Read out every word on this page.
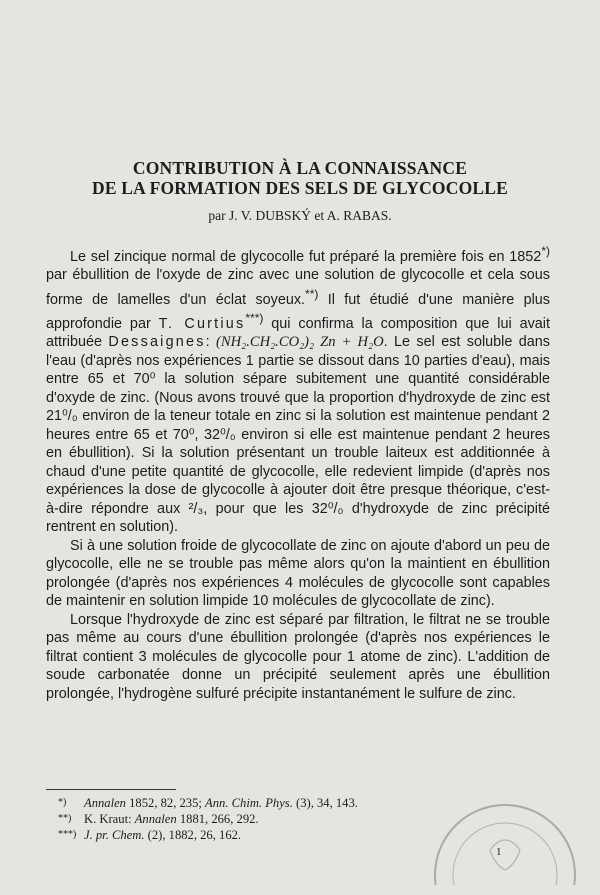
CONTRIBUTION À LA CONNAISSANCE
DE LA FORMATION DES SELS DE GLYCOCOLLE
par J. V. DUBSKÝ et A. RABAS.

Le sel zincique normal de glycocolle fut préparé la première fois en 1852*) par ébullition de l'oxyde de zinc avec une solution de glycocolle et cela sous forme de lamelles d'un éclat soyeux.**) Il fut étudié d'une manière plus approfondie par T. Curtius***) qui confirma la composition que lui avait attribuée Dessaignes: (NH₂.CH₂.CO₂)₂ Zn + H₂O. Le sel est soluble dans l'eau (d'après nos expériences 1 partie se dissout dans 10 parties d'eau), mais entre 65 et 70⁰ la solution sépare subitement une quantité considérable d'oxyde de zinc. (Nous avons trouvé que la proportion d'hydroxyde de zinc est 21⁰/₀ environ de la teneur totale en zinc si la solution est maintenue pendant 2 heures entre 65 et 70⁰, 32⁰/₀ environ si elle est maintenue pendant 2 heures en ébullition). Si la solution présentant un trouble laiteux est additionnée à chaud d'une petite quantité de glycocolle, elle redevient limpide (d'après nos expériences la dose de glycocolle à ajouter doit être presque théorique, c'est-à-dire répondre aux ²/₃, pour que les 32⁰/₀ d'hydroxyde de zinc précipité rentrent en solution).

Si à une solution froide de glycocollate de zinc on ajoute d'abord un peu de glycocolle, elle ne se trouble pas même alors qu'on la maintient en ébullition prolongée (d'après nos expériences 4 molécules de glycocolle sont capables de maintenir en solution limpide 10 molécules de glycocollate de zinc).

Lorsque l'hydroxyde de zinc est séparé par filtration, le filtrat ne se trouble pas même au cours d'une ébullition prolongée (d'après nos expériences le filtrat contient 3 molécules de glycocolle pour 1 atome de zinc). L'addition de soude carbonatée donne un précipité seulement après une ébullition prolongée, l'hydrogène sulfuré précipite instantanément le sulfure de zinc.

*) Annalen 1852, 82, 235; Ann. Chim. Phys. (3), 34, 143.
**) K. Kraut: Annalen 1881, 266, 292.
***) J. pr. Chem. (2), 1882, 26, 162.
1
